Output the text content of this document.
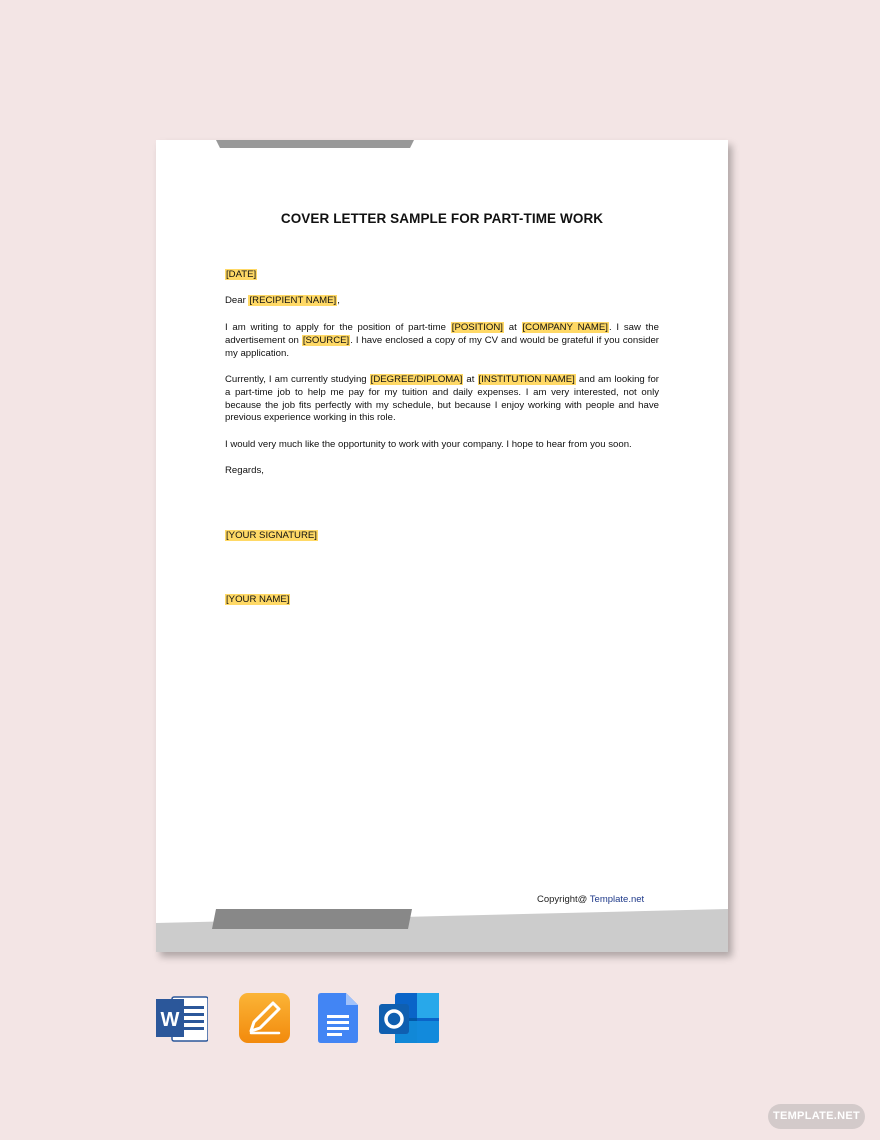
COVER LETTER SAMPLE FOR PART-TIME WORK
[DATE]
Dear [RECIPIENT NAME],
I am writing to apply for the position of part-time [POSITION] at [COMPANY NAME]. I saw the advertisement on [SOURCE]. I have enclosed a copy of my CV and would be grateful if you consider my application.
Currently, I am currently studying [DEGREE/DIPLOMA] at [INSTITUTION NAME] and am looking for a part-time job to help me pay for my tuition and daily expenses. I am very interested, not only because the job fits perfectly with my schedule, but because I enjoy working with people and have previous experience working in this role.
I would very much like the opportunity to work with your company. I hope to hear from you soon.
Regards,
[YOUR SIGNATURE]
[YOUR NAME]
Copyright@ Template.net
W
TEMPLATE.NET
